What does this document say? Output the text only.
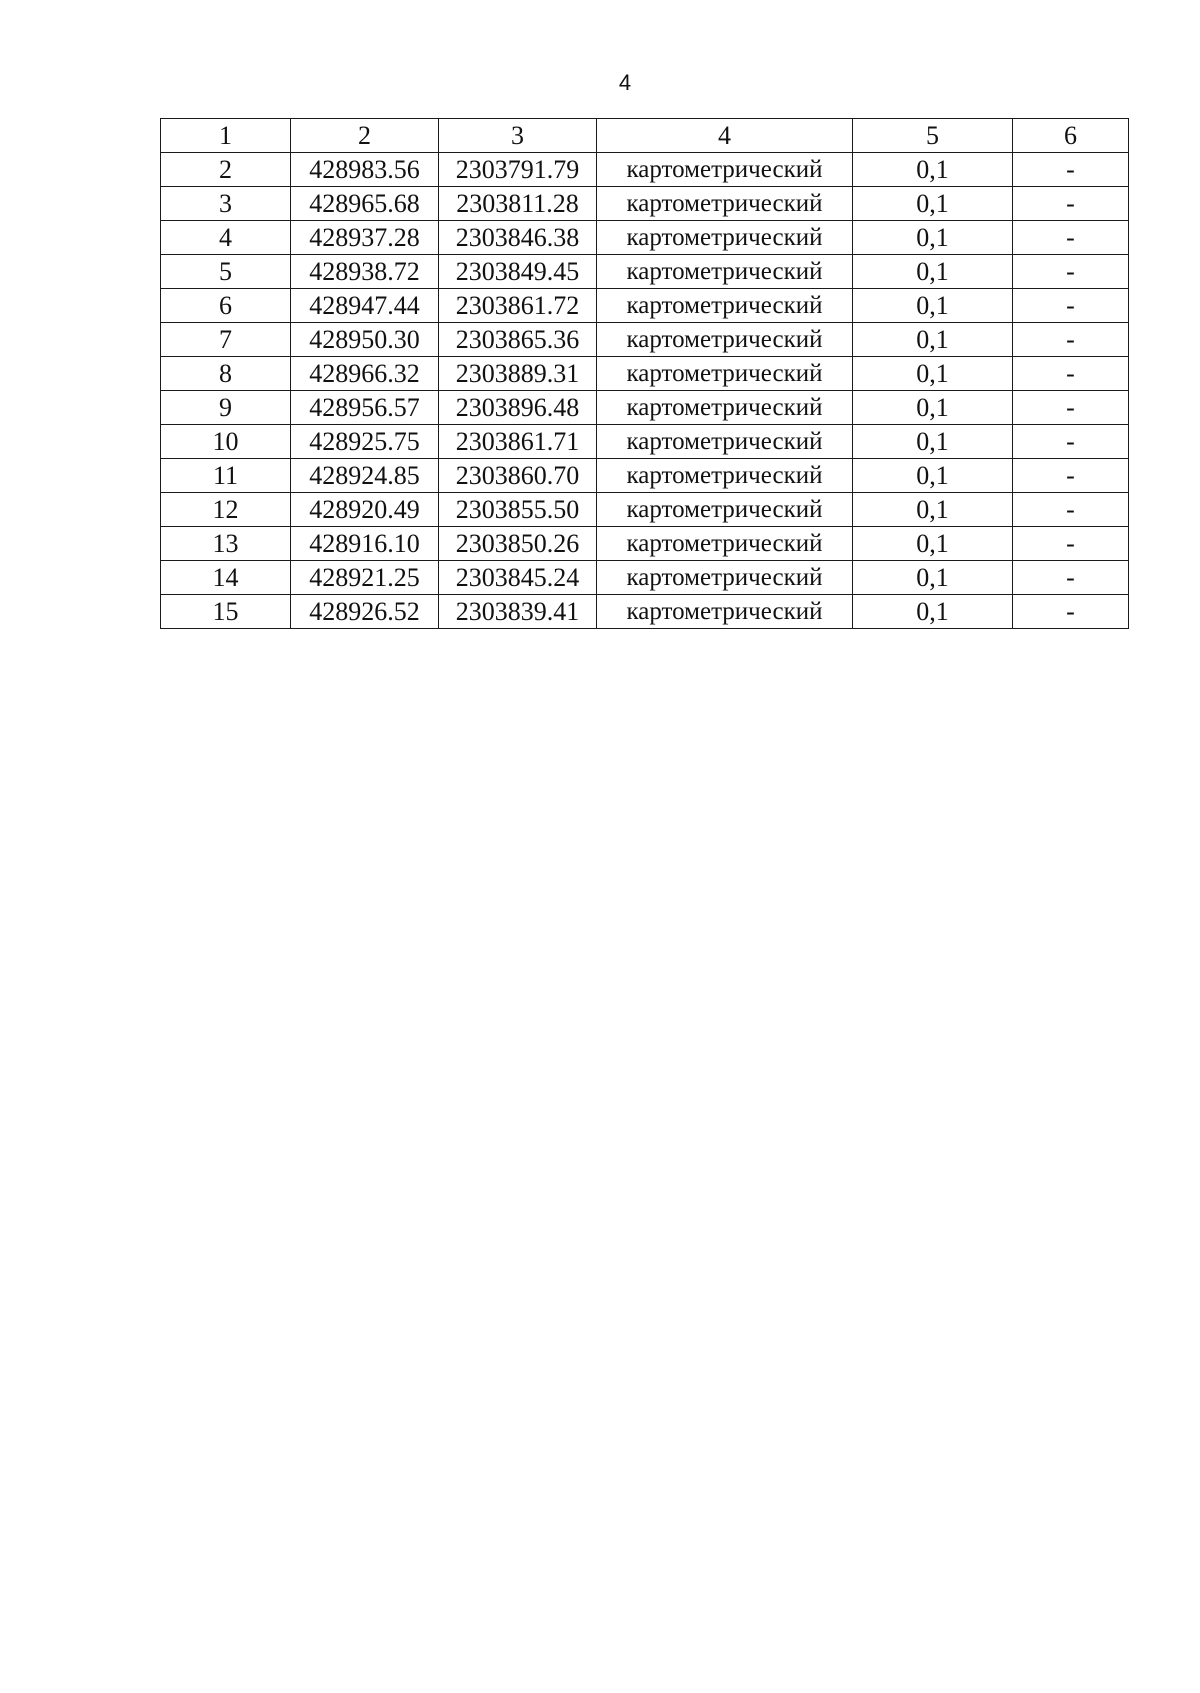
4
1	2	3	4	5	6
2	428983.56	2303791.79	картометрический	0,1	-
3	428965.68	2303811.28	картометрический	0,1	-
4	428937.28	2303846.38	картометрический	0,1	-
5	428938.72	2303849.45	картометрический	0,1	-
6	428947.44	2303861.72	картометрический	0,1	-
7	428950.30	2303865.36	картометрический	0,1	-
8	428966.32	2303889.31	картометрический	0,1	-
9	428956.57	2303896.48	картометрический	0,1	-
10	428925.75	2303861.71	картометрический	0,1	-
11	428924.85	2303860.70	картометрический	0,1	-
12	428920.49	2303855.50	картометрический	0,1	-
13	428916.10	2303850.26	картометрический	0,1	-
14	428921.25	2303845.24	картометрический	0,1	-
15	428926.52	2303839.41	картометрический	0,1	-
